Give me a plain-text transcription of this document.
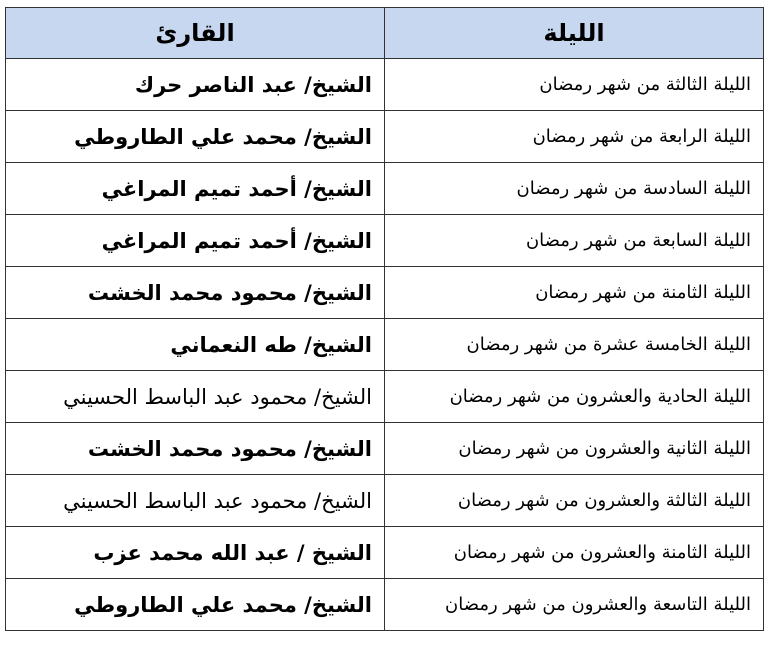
الليلة	القارئ
الليلة الثالثة من شهر رمضان	الشيخ/ عبد الناصر حرك
الليلة الرابعة من شهر رمضان	الشيخ/ محمد علي الطاروطي
الليلة السادسة من شهر رمضان	الشيخ/ أحمد تميم المراغي
الليلة السابعة من شهر رمضان	الشيخ/ أحمد تميم المراغي
الليلة الثامنة من شهر رمضان	الشيخ/ محمود محمد الخشت
الليلة الخامسة عشرة من شهر رمضان	الشيخ/ طه النعماني
الليلة الحادية والعشرون من شهر رمضان	الشيخ/ محمود عبد الباسط الحسيني
الليلة الثانية والعشرون من شهر رمضان	الشيخ/ محمود محمد الخشت
الليلة الثالثة والعشرون من شهر رمضان	الشيخ/ محمود عبد الباسط الحسيني
الليلة الثامنة والعشرون من شهر رمضان	الشيخ / عبد الله محمد عزب
الليلة التاسعة والعشرون من شهر رمضان	الشيخ/ محمد علي الطاروطي
